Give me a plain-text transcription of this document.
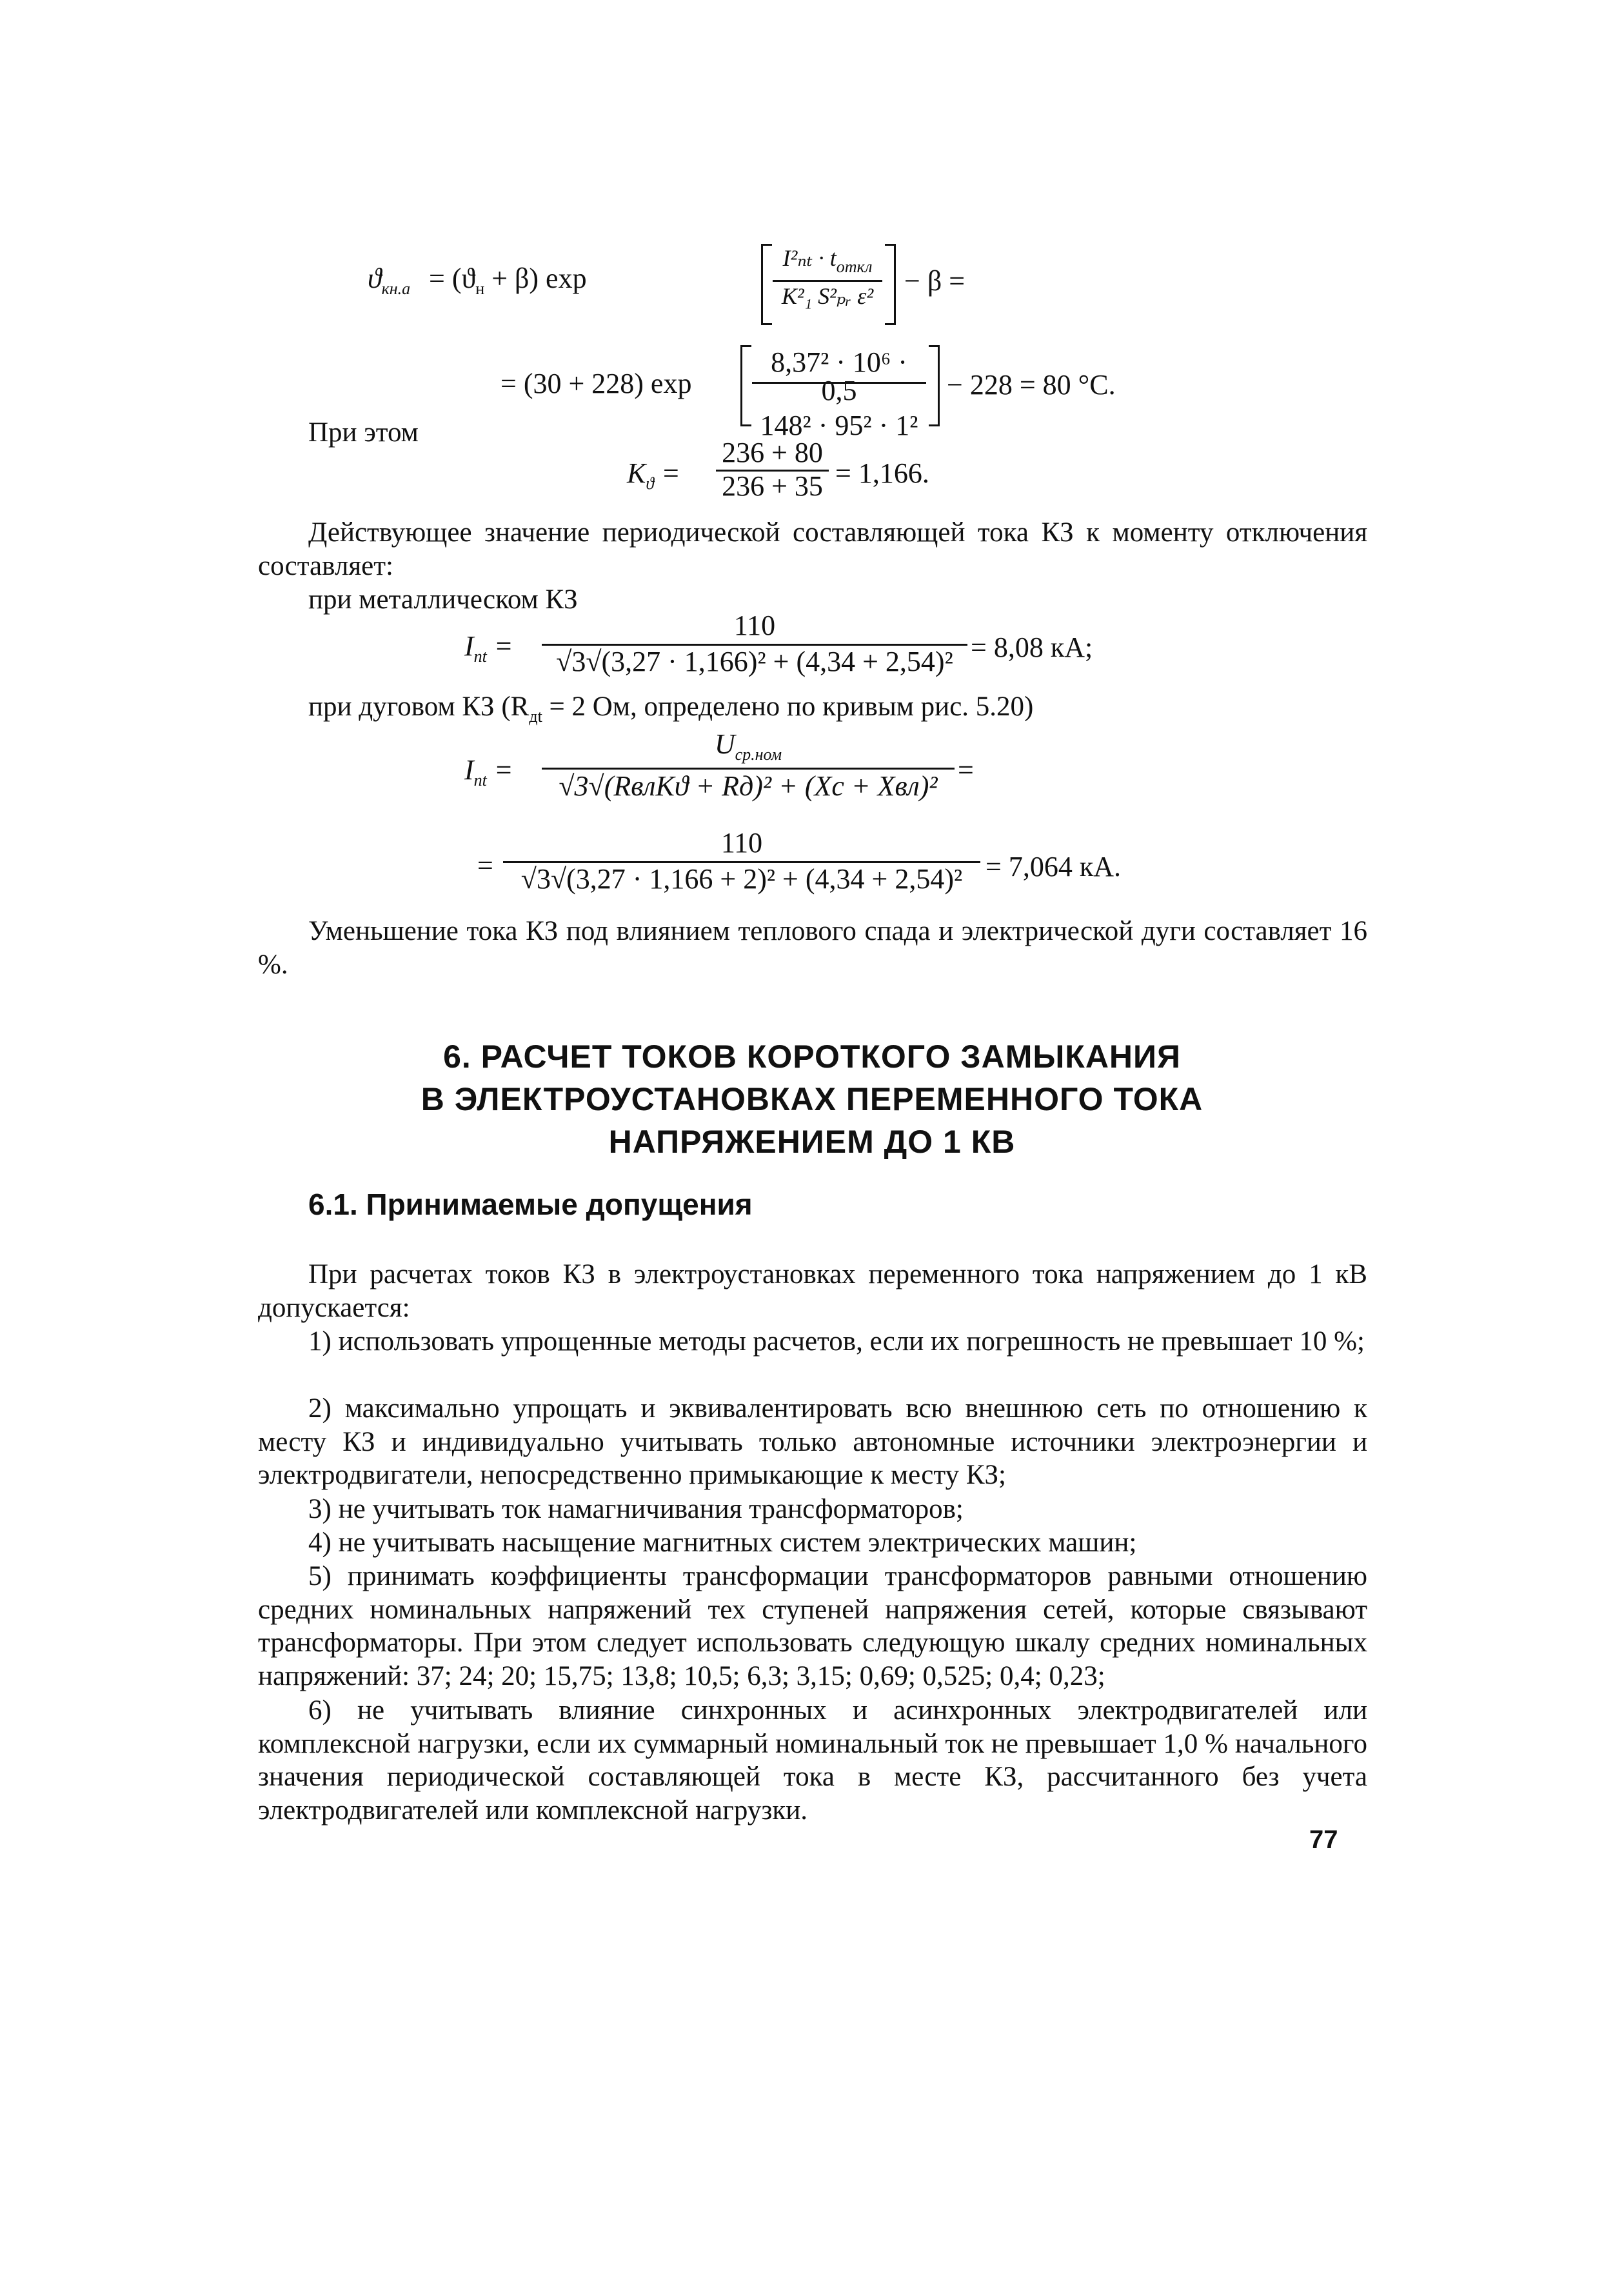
$ϑ_{кн.а} = (ϑ_н + \beta)$ exp
$I^2_{nt} \cdot t_{откл}$
K²₁ S²ₚᵣ ε²	− β =
= (30 + 228) exp
8,37² · 10⁶ · 0,5
148² · 95² · 1²
− 228 = 80 °C.
При этом
$K_ϑ$ =
236 + 80
236 + 35 = 1,166.
Действующее значение периодической составляющей тока КЗ к моменту отключения составляет:
при металлическом КЗ
$I_{пt}$ =
110
√3√(3,27 · 1,166)² + (4,34 + 2,54)² = 8,08 кА;
при дуговом КЗ ($R_{дt} = 2$ Ом, определено по кривым рис. 5.20)
$I_{пt}$ =
$U_{ср.ном}$
√3√(RвлKϑ + Rд)² + (Xс + Xвл)²
=
=
110
√3√(3,27 · 1,166 + 2)² + (4,34 + 2,54)² = 7,064 кА.
Уменьшение тока КЗ под влиянием теплового спада и электрической дуги составляет 16 %.
6. РАСЧЕТ ТОКОВ КОРОТКОГО ЗАМЫКАНИЯ
В ЭЛЕКТРОУСТАНОВКАХ ПЕРЕМЕННОГО ТОКА
НАПРЯЖЕНИЕМ ДО 1 КВ
6.1. Принимаемые допущения
При расчетах токов КЗ в электроустановках переменного тока напряжением до 1 кВ допускается:
1) использовать упрощенные методы расчетов, если их погрешность не превышает 10 %;
2) максимально упрощать и эквивалентировать всю внешнюю сеть по отношению к месту КЗ и индивидуально учитывать только автономные источники электроэнергии и электродвигатели, непосредственно примыкающие к месту КЗ;
3) не учитывать ток намагничивания трансформаторов;
4) не учитывать насыщение магнитных систем электрических машин;
5) принимать коэффициенты трансформации трансформаторов равными отношению средних номинальных напряжений тех ступеней напряжения сетей, которые связывают трансформаторы. При этом следует использовать следующую шкалу средних номинальных напряжений: 37; 24; 20; 15,75; 13,8; 10,5; 6,3; 3,15; 0,69; 0,525; 0,4; 0,23;
6) не учитывать влияние синхронных и асинхронных электродвигателей или комплексной нагрузки, если их суммарный номинальный ток не превышает 1,0 % начального значения периодической составляющей тока в месте КЗ, рассчитанного без учета электродвигателей или комплексной нагрузки.
77
